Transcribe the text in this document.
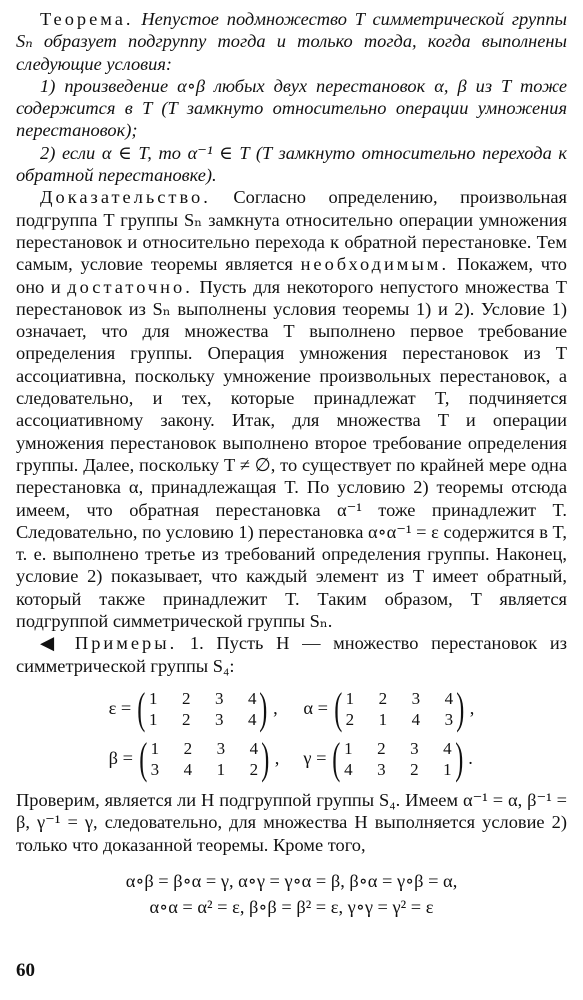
Теорема. Непустое подмножество T симметрической группы Sₙ образует подгруппу тогда и только тогда, когда выполнены следующие условия:

1) произведение α∘β любых двух перестановок α, β из T тоже содержится в T (T замкнуто относительно операции умножения перестановок);

2) если α ∈ T, то α⁻¹ ∈ T (T замкнуто относительно перехода к обратной перестановке).

Доказательство. Согласно определению, произвольная подгруппа T группы Sₙ замкнута относительно операции умножения перестановок и относительно перехода к обратной перестановке. Тем самым, условие теоремы является необходимым. Покажем, что оно и достаточно. Пусть для некоторого непустого множества T перестановок из Sₙ выполнены условия теоремы 1) и 2). Условие 1) означает, что для множества T выполнено первое требование определения группы. Операция умножения перестановок из T ассоциативна, поскольку умножение произвольных перестановок, а следовательно, и тех, которые принадлежат T, подчиняется ассоциативному закону. Итак, для множества T и операции умножения перестановок выполнено второе требование определения группы. Далее, поскольку T ≠ ∅, то существует по крайней мере одна перестановка α, принадлежащая T. По условию 2) теоремы отсюда имеем, что обратная перестановка α⁻¹ тоже принадлежит T. Следовательно, по условию 1) перестановка α∘α⁻¹ = ε содержится в T, т. е. выполнено третье из требований определения группы. Наконец, условие 2) показывает, что каждый элемент из T имеет обратный, который также принадлежит T. Таким образом, T является подгруппой симметрической группы Sₙ.

◀ Примеры. 1. Пусть H — множество перестановок из симметрической группы S₄:

ε = ( 1  2  3  4
1  2  3  4 ) , α = ( 1  2  3  4
2  1  4  3 ) ,
β = ( 1  2  3  4
3  4  1  2 ) , γ = ( 1  2  3  4
4  3  2  1 ) .

Проверим, является ли H подгруппой группы S₄. Имеем α⁻¹ = α, β⁻¹ = β, γ⁻¹ = γ, следовательно, для множества H выполняется условие 2) только что доказанной теоремы. Кроме того,

α∘β = β∘α = γ, α∘γ = γ∘α = β, β∘α = γ∘β = α,
α∘α = α² = ε, β∘β = β² = ε, γ∘γ = γ² = ε
60
